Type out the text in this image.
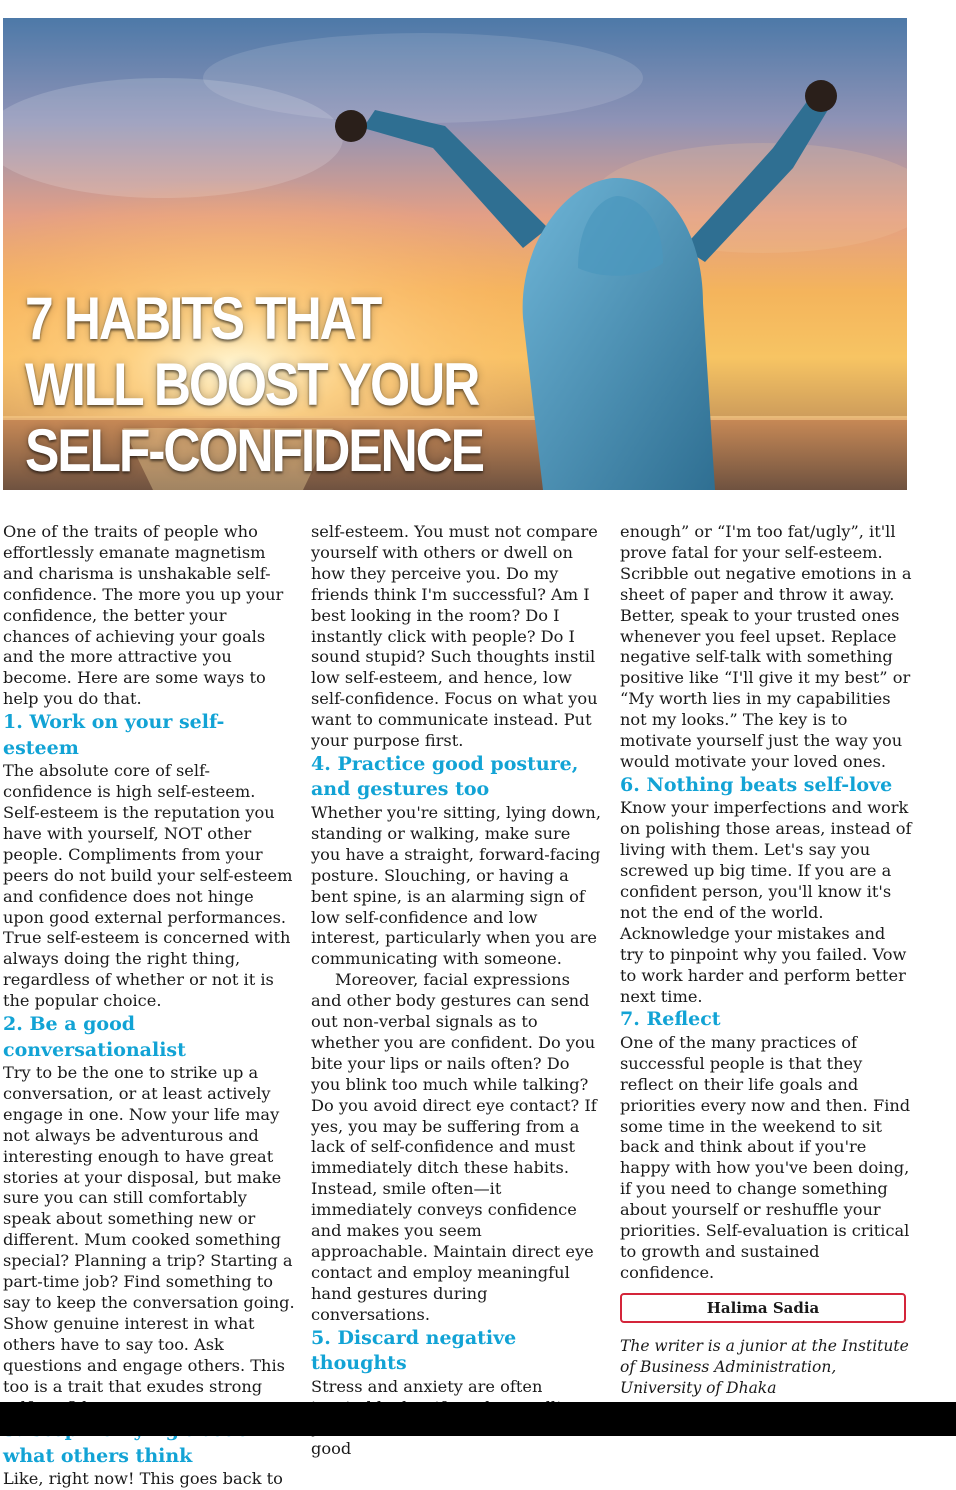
7 HABITS THAT
WILL BOOST YOUR
SELF-CONFIDENCE

One of the traits of people who effortlessly emanate magnetism and charisma is unshakable self-confidence. The more you up your confidence, the better your chances of achieving your goals and the more attractive you become. Here are some ways to help you do that.

1. Work on your self-esteem

The absolute core of self-confidence is high self-esteem. Self-esteem is the reputation you have with yourself, NOT other people. Compliments from your peers do not build your self-esteem and confidence does not hinge upon good external performances. True self-esteem is concerned with always doing the right thing, regardless of whether or not it is the popular choice.

2. Be a good conversationalist

Try to be the one to strike up a conversation, or at least actively engage in one. Now your life may not always be adventurous and interesting enough to have great stories at your disposal, but make sure you can still comfortably speak about something new or different. Mum cooked something special? Planning a trip? Starting a part-time job? Find something to say to keep the conversation going. Show genuine interest in what others have to say too. Ask questions and engage others. This too is a trait that exudes strong

what others think

Like, right now! This goes back to

self-esteem. You must not compare yourself with others or dwell on how they perceive you. Do my friends think I'm successful? Am I best looking in the room? Do I instantly click with people? Do I sound stupid? Such thoughts instil low self-esteem, and hence, low self-confidence. Focus on what you want to communicate instead. Put your purpose first.

4. Practice good posture, and gestures too

Whether you're sitting, lying down, standing or walking, make sure you have a straight, forward-facing posture. Slouching, or having a bent spine, is an alarming sign of low self-confidence and low interest, particularly when you are communicating with someone.

Moreover, facial expressions and other body gestures can send out non-verbal signals as to whether you are confident. Do you bite your lips or nails often? Do you blink too much while talking? Do you avoid direct eye contact? If yes, you may be suffering from a lack of self-confidence and must immediately ditch these habits. Instead, smile often—it immediately conveys confidence and makes you seem approachable. Maintain direct eye contact and employ meaningful hand gestures during conversations.

5. Discard negative thoughts

Stress and anxiety are often good

enough” or “I'm too fat/ugly”, it'll prove fatal for your self-esteem. Scribble out negative emotions in a sheet of paper and throw it away. Better, speak to your trusted ones whenever you feel upset. Replace negative self-talk with something positive like “I'll give it my best” or “My worth lies in my capabilities not my looks.” The key is to motivate yourself just the way you would motivate your loved ones.

6. Nothing beats self-love

Know your imperfections and work on polishing those areas, instead of living with them. Let's say you screwed up big time. If you are a confident person, you'll know it's not the end of the world. Acknowledge your mistakes and try to pinpoint why you failed. Vow to work harder and perform better next time.

7. Reflect

One of the many practices of successful people is that they reflect on their life goals and priorities every now and then. Find some time in the weekend to sit back and think about if you're happy with how you've been doing, if you need to change something about yourself or reshuffle your priorities. Self-evaluation is critical to growth and sustained confidence.

Halima Sadia

The writer is a junior at the Institute of Business Administration, University of Dhaka
